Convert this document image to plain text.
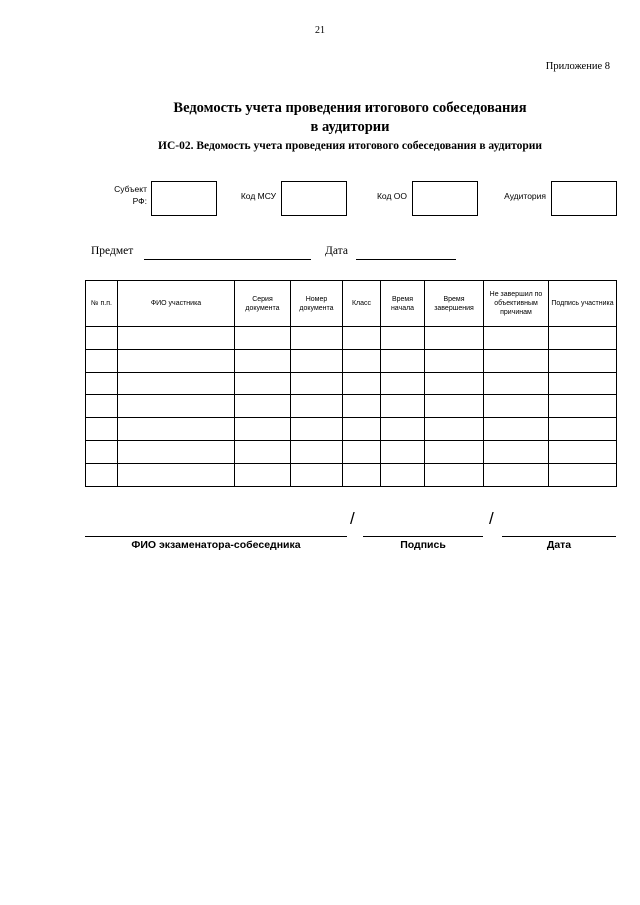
21
Приложение 8
Ведомость учета проведения итогового собеседования
в аудитории
ИС-02. Ведомость учета проведения итогового собеседования в аудитории
Субъект
РФ:	Код МСУ	Код ОО	Аудитория
Предмет	Дата
№ п.п.	ФИО участника	Серия документа	Номер документа	Класс	Время начала	Время завершения	Не завершил по объективным причинам	Подпись участника

/	/
ФИО экзаменатора-собеседника	Подпись	Дата
